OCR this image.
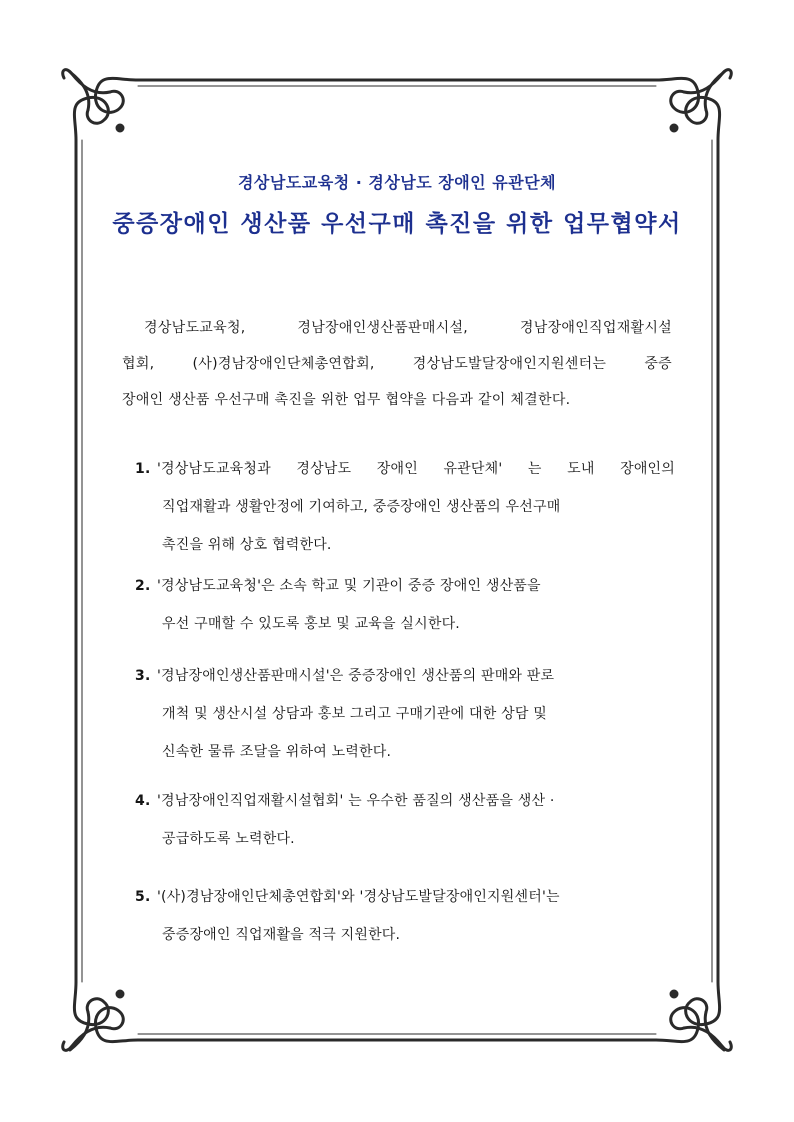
경상남도교육청 · 경상남도 장애인 유관단체
중증장애인 생산품 우선구매 촉진을 위한 업무협약서
경상남도교육청, 경남장애인생산품판매시설, 경남장애인직업재활시설
협회, (사)경남장애인단체총연합회, 경상남도발달장애인지원센터는 중증
장애인 생산품 우선구매 촉진을 위한 업무 협약을 다음과 같이 체결한다.
1. '경상남도교육청과 경상남도 장애인 유관단체' 는 도내 장애인의
직업재활과 생활안정에 기여하고, 중증장애인 생산품의 우선구매
촉진을 위해 상호 협력한다.
2. '경상남도교육청'은 소속 학교 및 기관이 중증 장애인 생산품을
우선 구매할 수 있도록 홍보 및 교육을 실시한다.
3. '경남장애인생산품판매시설'은 중증장애인 생산품의 판매와 판로
개척 및 생산시설 상담과 홍보 그리고 구매기관에 대한 상담 및
신속한 물류 조달을 위하여 노력한다.
4. '경남장애인직업재활시설협회' 는 우수한 품질의 생산품을 생산 ·
공급하도록 노력한다.
5. '(사)경남장애인단체총연합회'와 '경상남도발달장애인지원센터'는
중증장애인 직업재활을 적극 지원한다.
